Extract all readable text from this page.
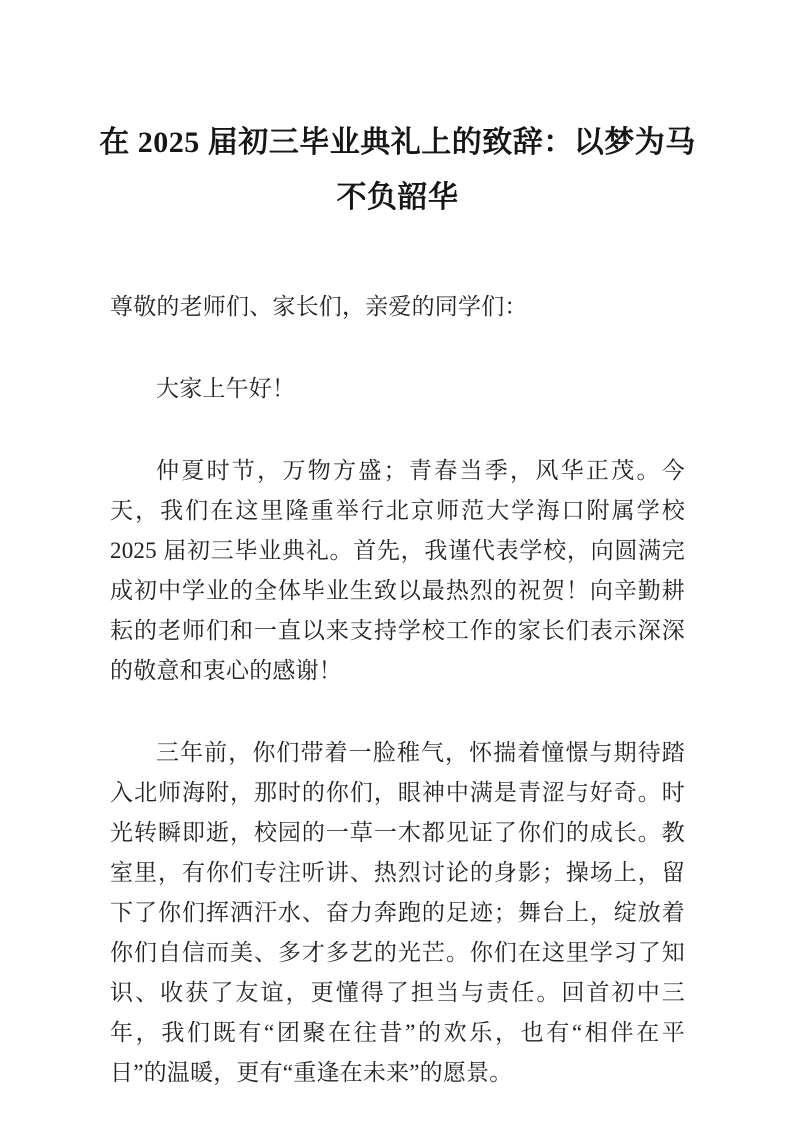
在 2025 届初三毕业典礼上的致辞：以梦为马不负韶华

尊敬的老师们、家长们，亲爱的同学们：

大家上午好！

仲夏时节，万物方盛；青春当季，风华正茂。今天，我们在这里隆重举行北京师范大学海口附属学校 2025 届初三毕业典礼。首先，我谨代表学校，向圆满完成初中学业的全体毕业生致以最热烈的祝贺！向辛勤耕耘的老师们和一直以来支持学校工作的家长们表示深深的敬意和衷心的感谢！

三年前，你们带着一脸稚气，怀揣着憧憬与期待踏入北师海附，那时的你们，眼神中满是青涩与好奇。时光转瞬即逝，校园的一草一木都见证了你们的成长。教室里，有你们专注听讲、热烈讨论的身影；操场上，留下了你们挥洒汗水、奋力奔跑的足迹；舞台上，绽放着你们自信而美、多才多艺的光芒。你们在这里学习了知识、收获了友谊，更懂得了担当与责任。回首初中三年，我们既有“团聚在往昔”的欢乐，也有“相伴在平日”的温暖，更有“重逢在未来”的愿景。
